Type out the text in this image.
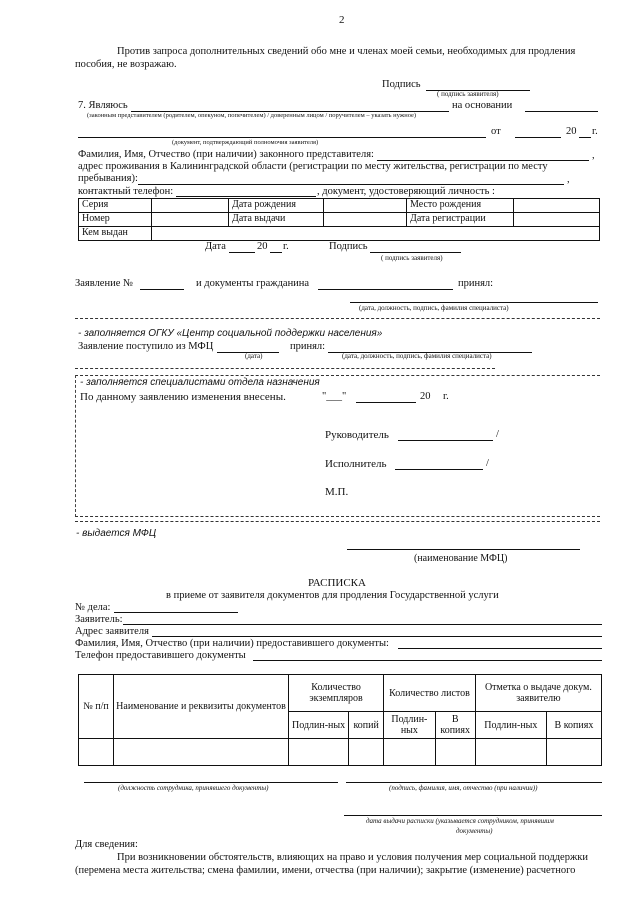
2
Против запроса дополнительных сведений обо мне и членах моей семьи, необходимых для продления
пособия, не возражаю.
Подпись
( подпись заявителя)
7. Являюсь	на основании
(законным представителем (родителем, опекуном, попечителем) / доверенным лицом / поручителем – указать нужное)
от	20 г.
(документ, подтверждающий полномочия заявителя)
Фамилия, Имя, Отчество (при наличии) законного представителя:	,
адрес проживания в Калининградской области (регистрации по месту жительства, регистрации по месту
пребывания):	,
контактный телефон:	, документ, удостоверяющий личность :
Серия		Дата рождения		Место рождения	
Номер		Дата выдачи		Дата регистрации	
Кем выдан					
Дата	20 г.	Подпись
( подпись заявителя)
Заявление №	и документы гражданина	принял:
(дата, должность, подпись, фамилия специалиста)
- заполняется ОГКУ «Центр социальной поддержки населения»
Заявление поступило из МФЦ	принял:
(дата)	(дата, должность, подпись, фамилия специалиста)
- заполняется специалистами отдела назначения
По данному заявлению изменения внесены.	"___"	20 г.
Руководитель	/
Исполнитель	/
М.П.
- выдается МФЦ
(наименование МФЦ)
РАСПИСКА
в приеме от заявителя документов для продления Государственной услуги
№ дела:
Заявитель:
Адрес заявителя
Фамилия, Имя, Отчество (при наличии) предоставившего документы:
Телефон предоставившего документы
№ п/п	Наименование и реквизиты документов	Количество экземпляров		Количество листов		Отметка о выдаче докум. заявителю	
		Подлин-ных	копий	Подлин-ных	В копиях	Подлин-ных	В копиях

(должность сотрудника, принявшего документы)	(подпись, фамилия, имя, отчество (при наличии))
дата выдачи расписки (указывается сотрудником, принявшим
документы)
Для сведения:
При возникновении обстоятельств, влияющих на право и условия получения мер социальной поддержки
(перемена места жительства; смена фамилии, имени, отчества (при наличии); закрытие (изменение) расчетного
